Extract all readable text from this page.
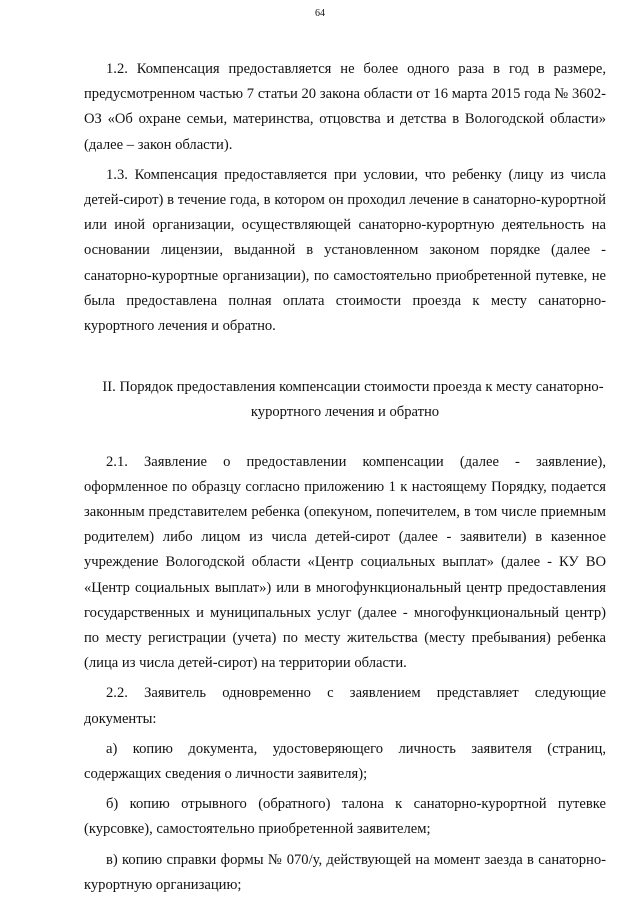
64

1.2. Компенсация предоставляется не более одного раза в год в размере, предусмотренном частью 7 статьи 20 закона области от 16 марта 2015 года № 3602-ОЗ «Об охране семьи, материнства, отцовства и детства в Вологодской области» (далее – закон области).

1.3. Компенсация предоставляется при условии, что ребенку (лицу из числа детей-сирот) в течение года, в котором он проходил лечение в санаторно-курортной или иной организации, осуществляющей санаторно-курортную деятельность на основании лицензии, выданной в установленном законом порядке (далее - санаторно-курортные организации), по самостоятельно приобретенной путевке, не была предоставлена полная оплата стоимости проезда к месту санаторно-курортного лечения и обратно.

II. Порядок предоставления компенсации стоимости проезда к месту санаторно-курортного лечения и обратно

2.1. Заявление о предоставлении компенсации (далее - заявление), оформленное по образцу согласно приложению 1 к настоящему Порядку, подается законным представителем ребенка (опекуном, попечителем, в том числе приемным родителем) либо лицом из числа детей-сирот (далее - заявители) в казенное учреждение Вологодской области «Центр социальных выплат» (далее - КУ ВО «Центр социальных выплат») или в многофункциональный центр предоставления государственных и муниципальных услуг (далее - многофункциональный центр) по месту регистрации (учета) по месту жительства (месту пребывания) ребенка (лица из числа детей-сирот) на территории области.

2.2. Заявитель одновременно с заявлением представляет следующие документы:

а) копию документа, удостоверяющего личность заявителя (страниц, содержащих сведения о личности заявителя);

б) копию отрывного (обратного) талона к санаторно-курортной путевке (курсовке), самостоятельно приобретенной заявителем;

в) копию справки формы № 070/у, действующей на момент заезда в санаторно-курортную организацию;
